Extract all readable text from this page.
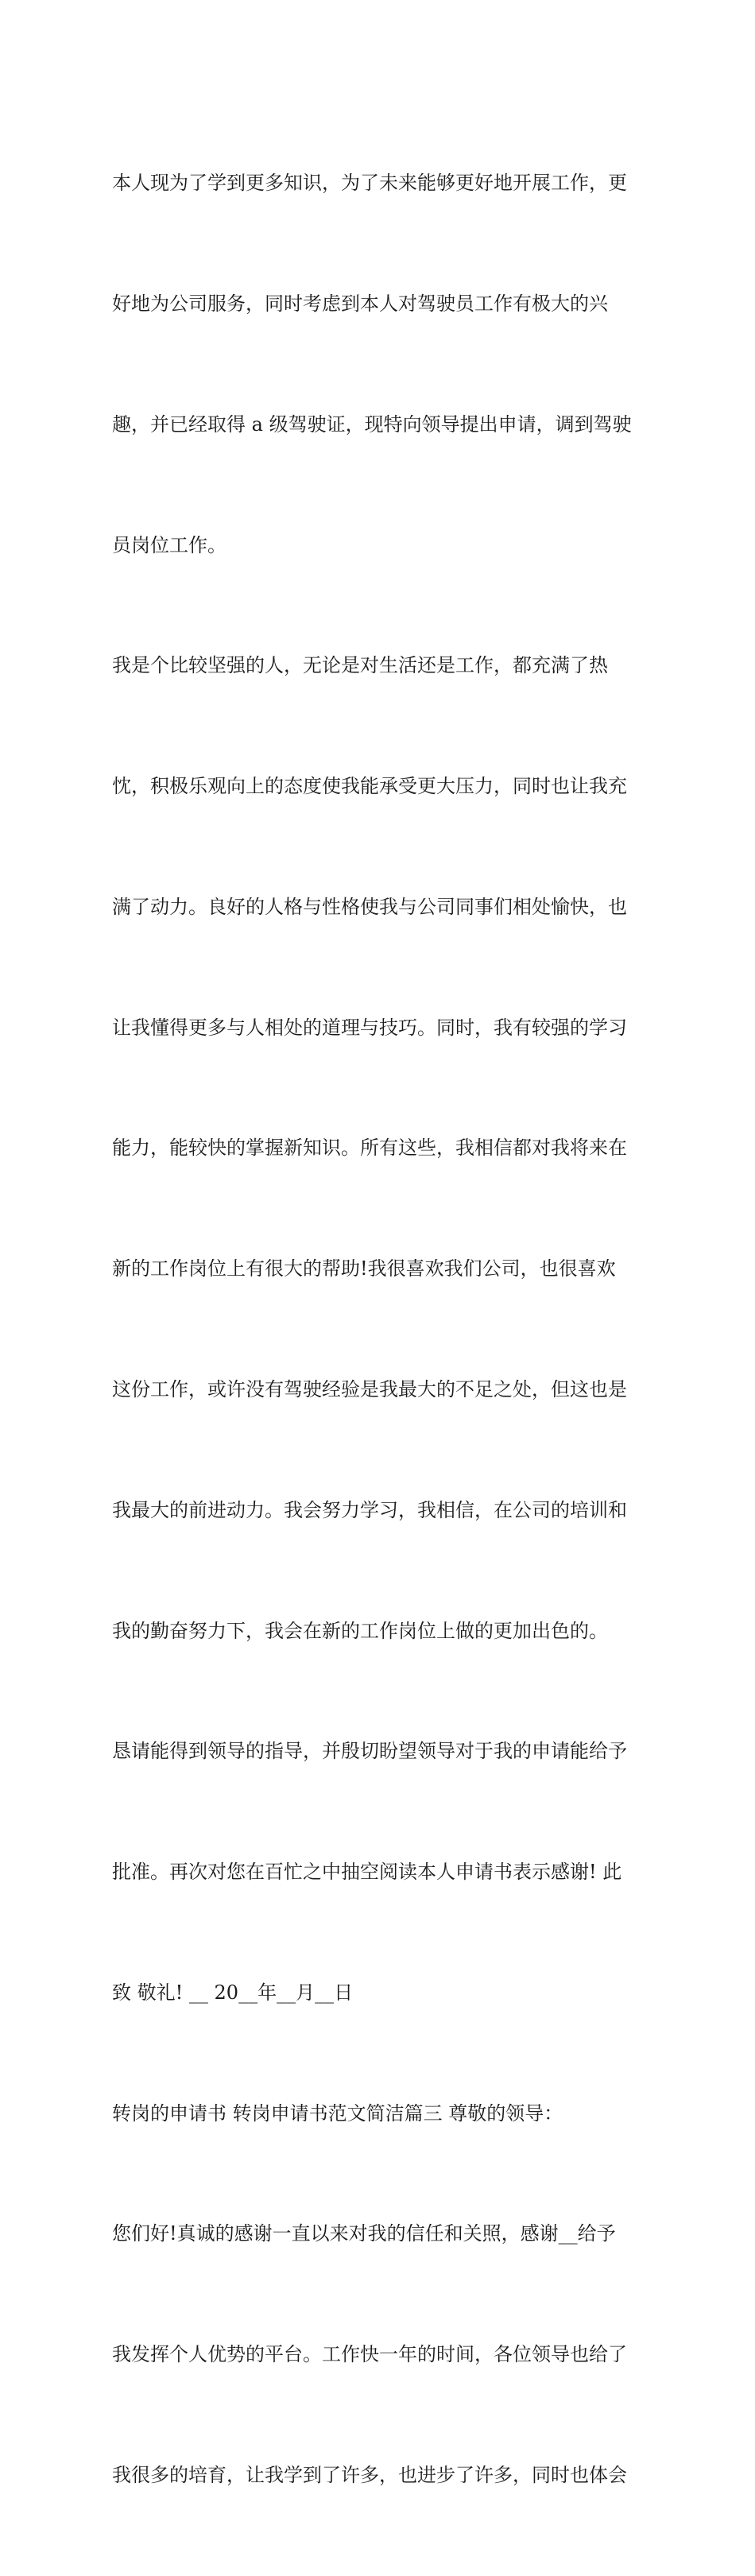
本人现为了学到更多知识，为了未来能够更好地开展工作，更

好地为公司服务，同时考虑到本人对驾驶员工作有极大的兴

趣，并已经取得 a 级驾驶证，现特向领导提出申请，调到驾驶

员岗位工作。

我是个比较坚强的人，无论是对生活还是工作，都充满了热

忱，积极乐观向上的态度使我能承受更大压力，同时也让我充

满了动力。良好的人格与性格使我与公司同事们相处愉快，也

让我懂得更多与人相处的道理与技巧。同时，我有较强的学习

能力，能较快的掌握新知识。所有这些，我相信都对我将来在

新的工作岗位上有很大的帮助!我很喜欢我们公司，也很喜欢

这份工作，或许没有驾驶经验是我最大的不足之处，但这也是

我最大的前进动力。我会努力学习，我相信，在公司的培训和

我的勤奋努力下，我会在新的工作岗位上做的更加出色的。

恳请能得到领导的指导，并殷切盼望领导对于我的申请能给予

批准。再次对您在百忙之中抽空阅读本人申请书表示感谢! 此

致 敬礼! __ 20__年__月__日

转岗的申请书 转岗申请书范文简洁篇三 尊敬的领导：

您们好!真诚的感谢一直以来对我的信任和关照，感谢__给予

我发挥个人优势的平台。工作快一年的时间，各位领导也给了

我很多的培育，让我学到了许多，也进步了许多，同时也体会
